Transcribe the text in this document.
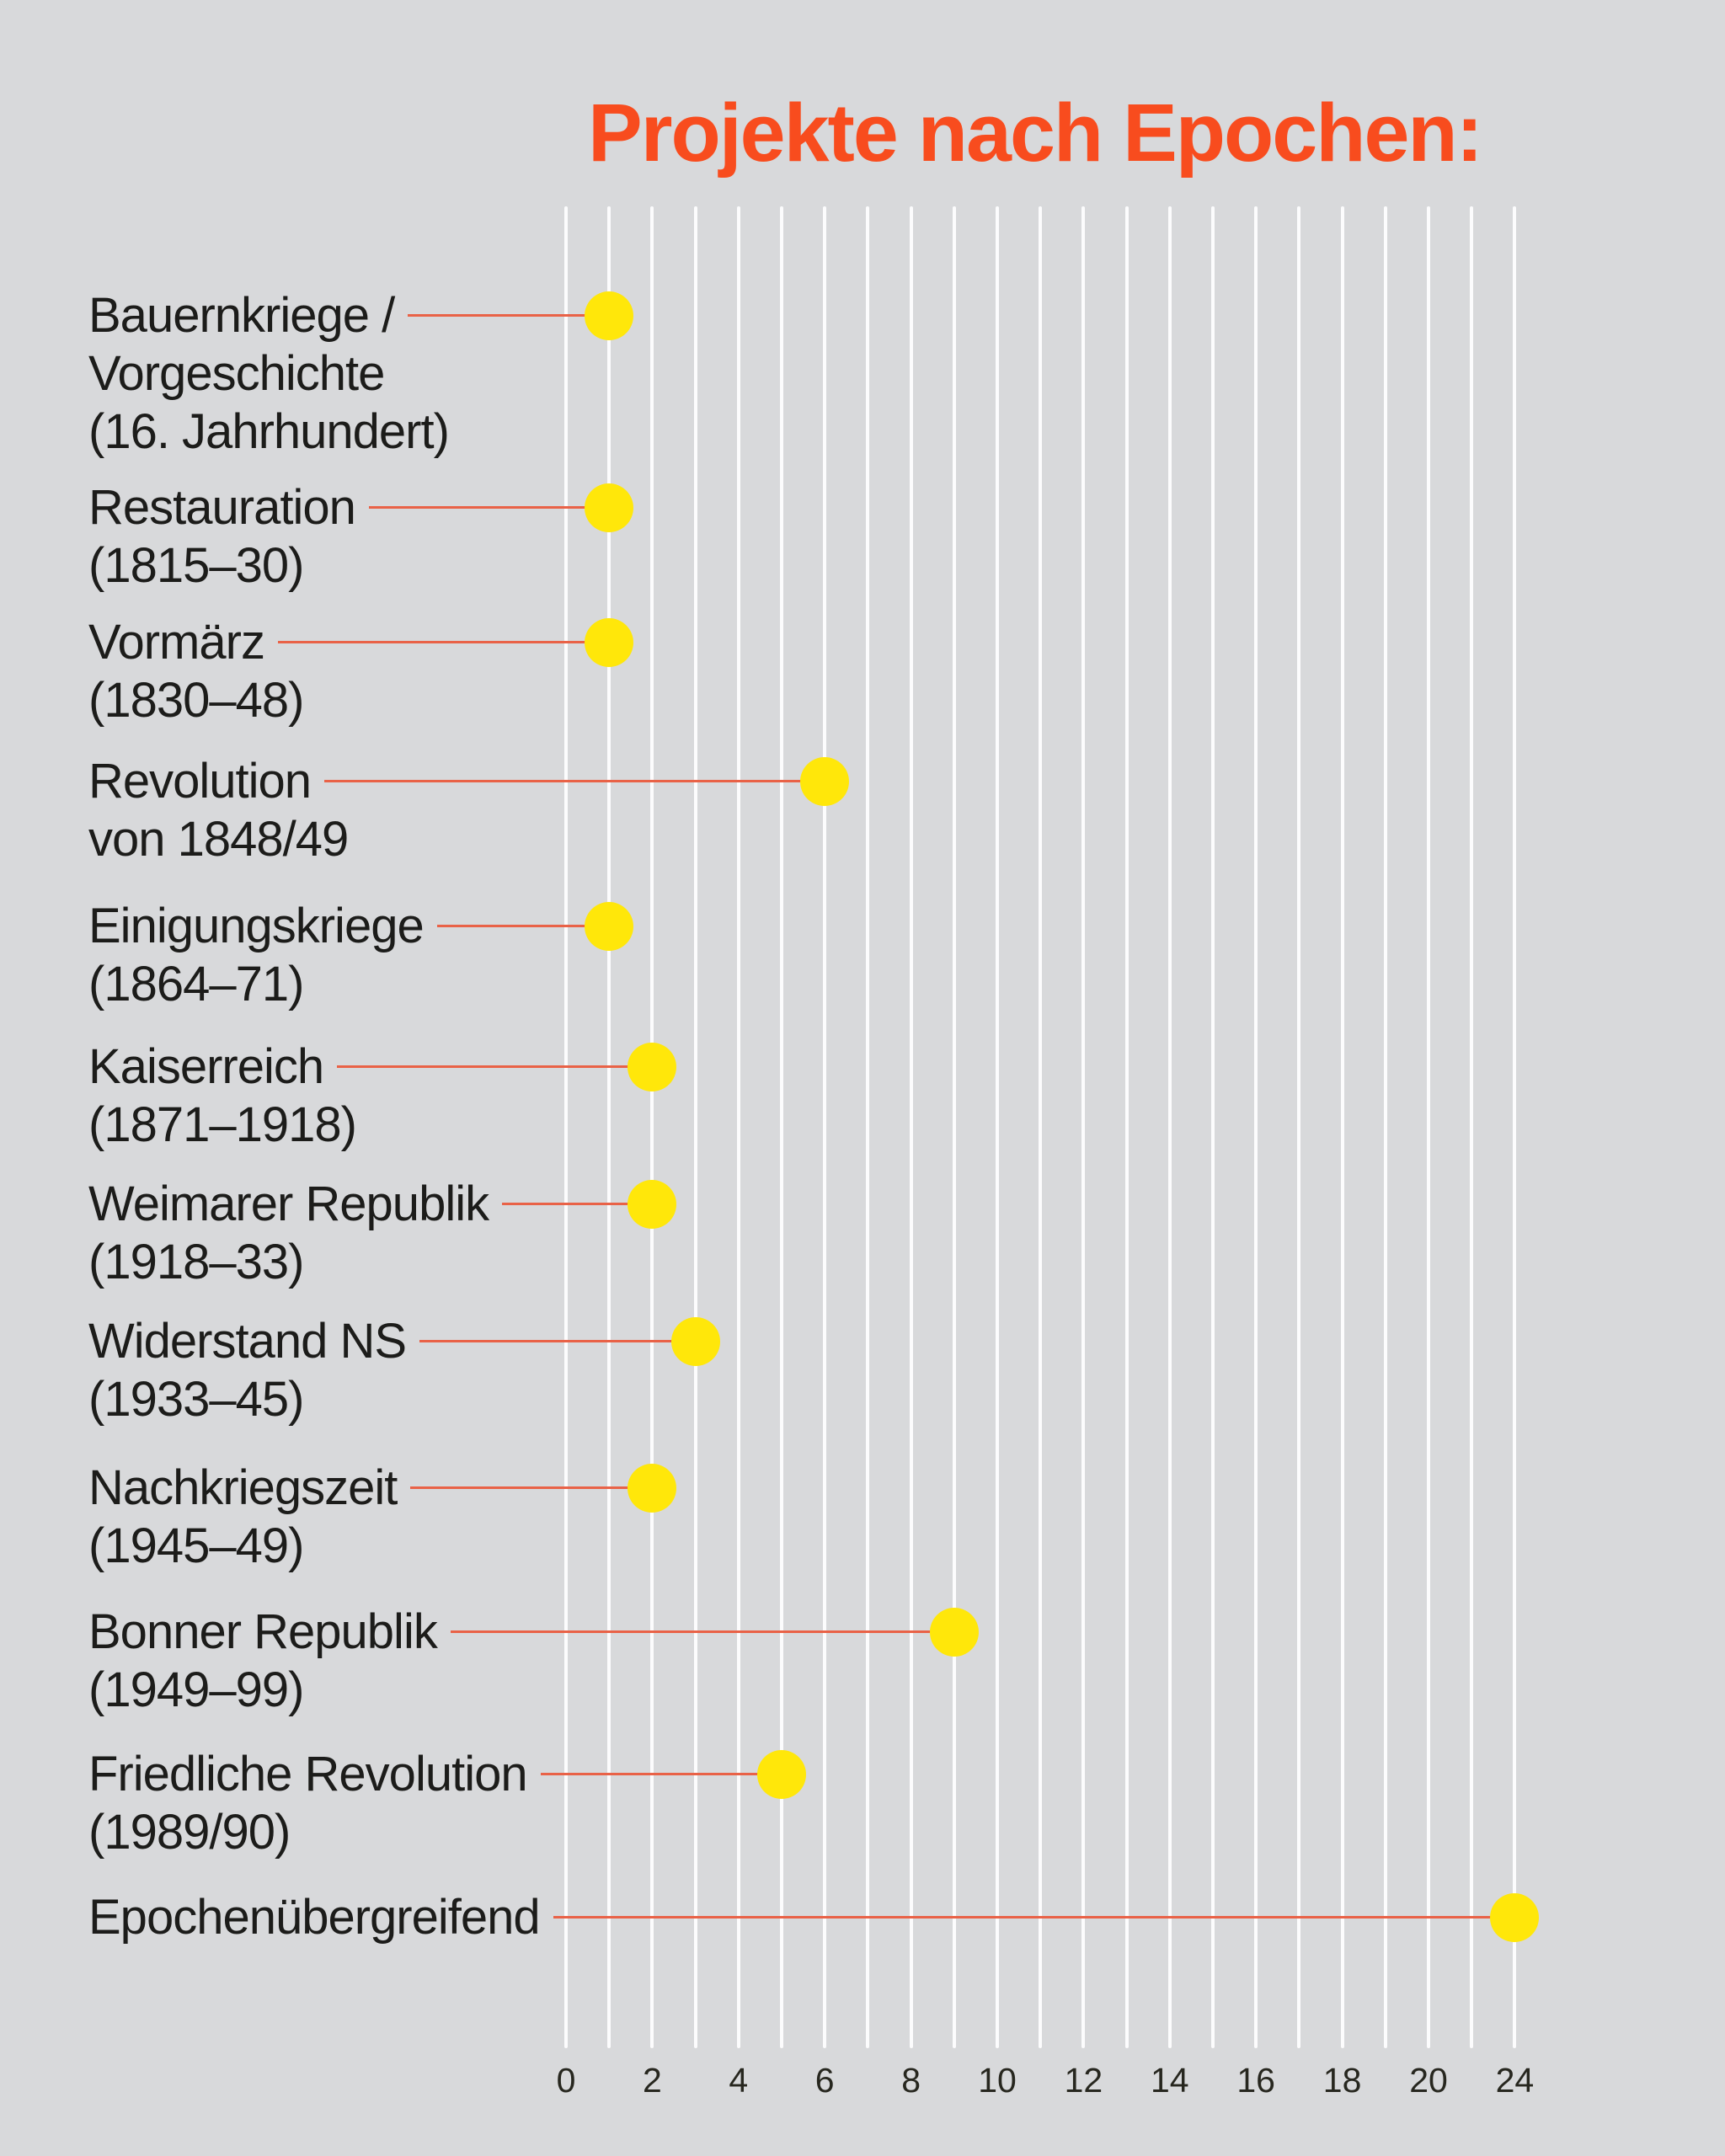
Projekte nach Epochen:
Bauernkriege /
Vorgeschichte
(16. Jahrhundert)
Restauration
(1815–30)
Vormärz
(1830–48)
Revolution
von 1848/49
Einigungskriege
(1864–71)
Kaiserreich
(1871–1918)
Weimarer Republik
(1918–33)
Widerstand NS
(1933–45)
Nachkriegszeit
(1945–49)
Bonner Republik
(1949–99)
Friedliche Revolution
(1989/90)
Epochenübergreifend
0 2 4 6 8 10 12 14 16 18 20 24
